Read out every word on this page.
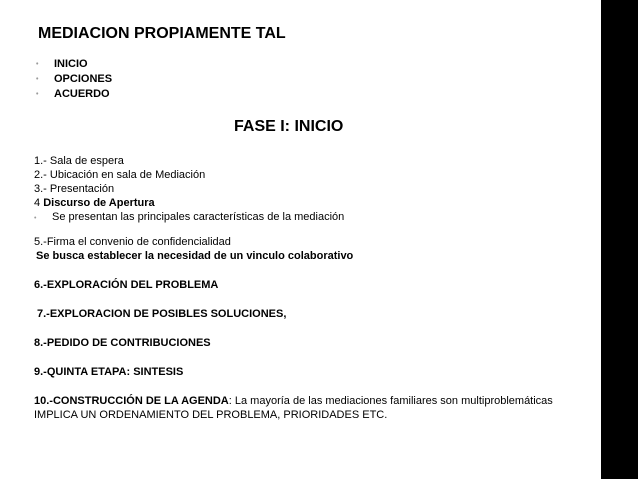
MEDIACION PROPIAMENTE TAL
•	INICIO
•	OPCIONES
•	ACUERDO
FASE I: INICIO
1.- Sala de espera
2.- Ubicación en sala de Mediación
3.- Presentación
4 Discurso de Apertura
• Se presentan las principales características de la mediación
5.-Firma el convenio de confidencialidad
Se busca establecer la necesidad de un vinculo colaborativo
6.-EXPLORACIÓN DEL PROBLEMA
7.-EXPLORACION DE POSIBLES SOLUCIONES,
8.-PEDIDO DE CONTRIBUCIONES
9.-QUINTA ETAPA: SINTESIS
10.-CONSTRUCCIÓN DE LA AGENDA: La mayoría de las mediaciones familiares son multiproblemáticas
IMPLICA UN ORDENAMIENTO DEL PROBLEMA, PRIORIDADES ETC.
